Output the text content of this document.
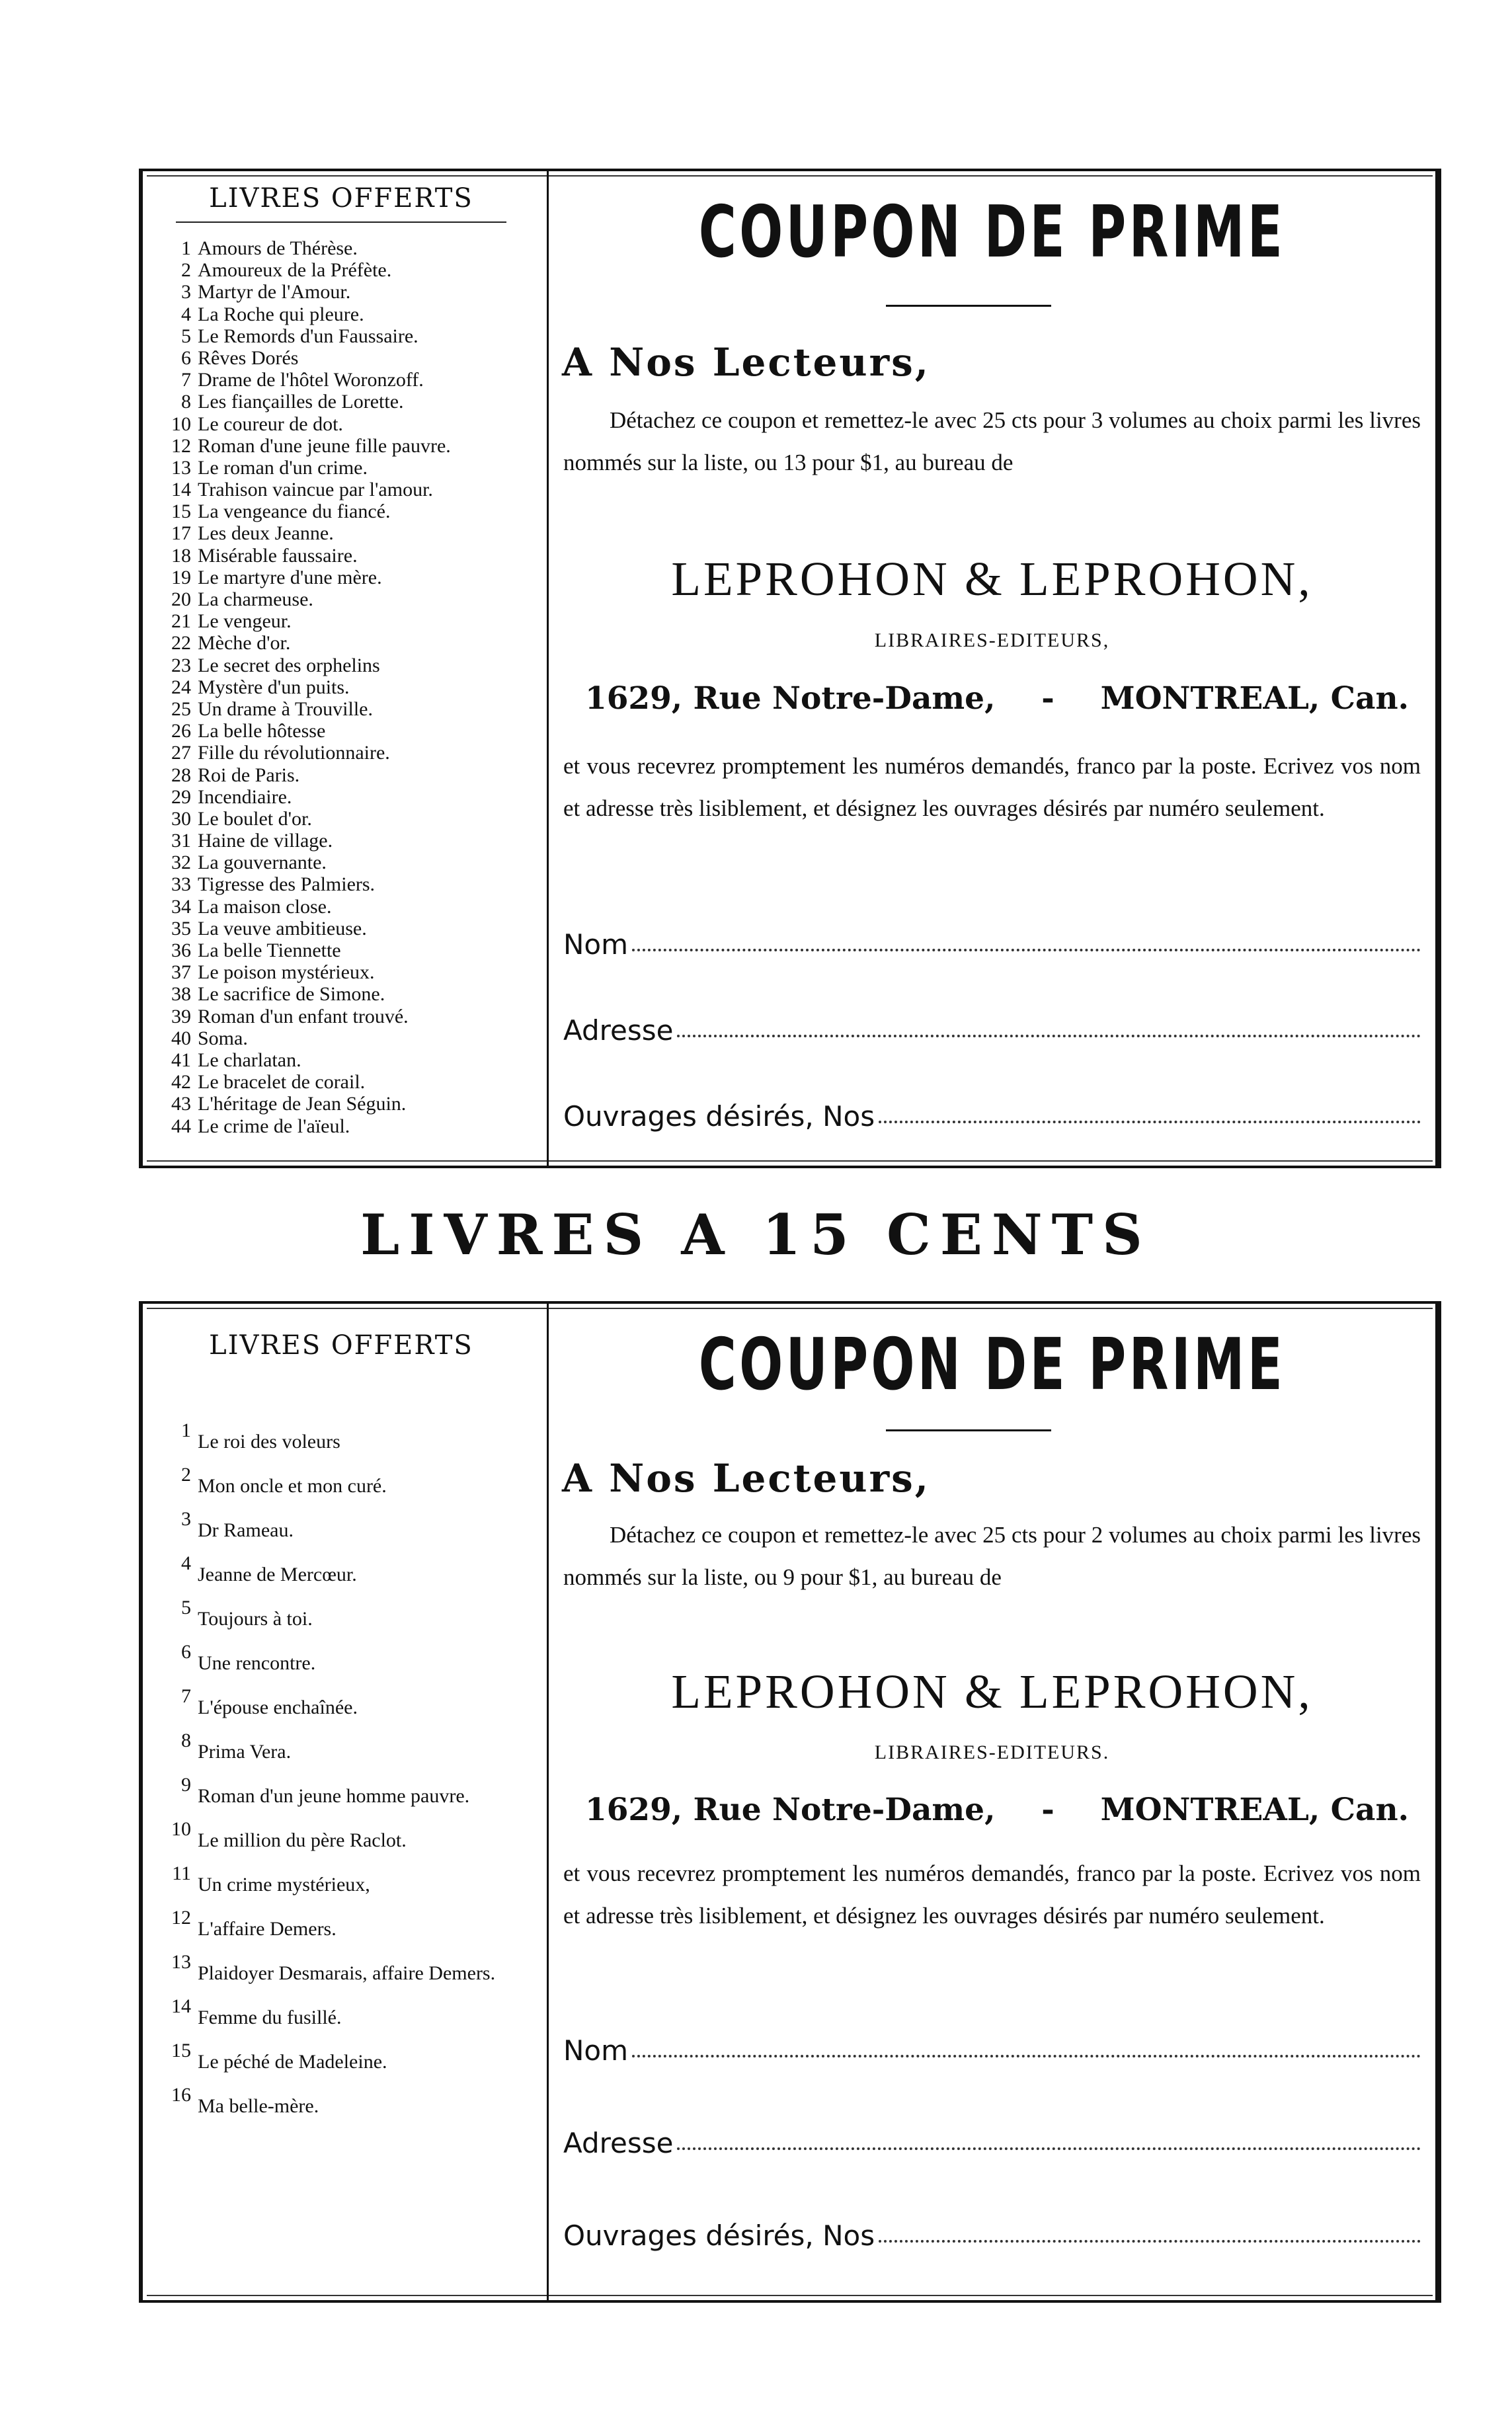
LIVRES OFFERTS
1 Amours de Thérèse.
2 Amoureux de la Préfète.
3 Martyr de l'Amour.
4 La Roche qui pleure.
5 Le Remords d'un Faussaire.
6 Rêves Dorés
7 Drame de l'hôtel Woronzoff.
8 Les fiançailles de Lorette.
10 Le coureur de dot.
12 Roman d'une jeune fille pauvre.
13 Le roman d'un crime.
14 Trahison vaincue par l'amour.
15 La vengeance du fiancé.
17 Les deux Jeanne.
18 Misérable faussaire.
19 Le martyre d'une mère.
20 La charmeuse.
21 Le vengeur.
22 Mèche d'or.
23 Le secret des orphelins
24 Mystère d'un puits.
25 Un drame à Trouville.
26 La belle hôtesse
27 Fille du révolutionnaire.
28 Roi de Paris.
29 Incendiaire.
30 Le boulet d'or.
31 Haine de village.
32 La gouvernante.
33 Tigresse des Palmiers.
34 La maison close.
35 La veuve ambitieuse.
36 La belle Tiennette
37 Le poison mystérieux.
38 Le sacrifice de Simone.
39 Roman d'un enfant trouvé.
40 Soma.
41 Le charlatan.
42 Le bracelet de corail.
43 L'héritage de Jean Séguin.
44 Le crime de l'aïeul.
COUPON DE PRIME
A Nos Lecteurs,

Détachez ce coupon et remettez-le avec 25 cts pour 3 volumes au choix parmi les livres nommés sur la liste, ou 13 pour $1, au bureau de

LEPROHON & LEPROHON,
LIBRAIRES-EDITEURS,
1629, Rue Notre-Dame, - MONTREAL, Can.

et vous recevrez promptement les numéros demandés, franco par la poste. Ecrivez vos nom et adresse très lisiblement, et désignez les ouvrages désirés par numéro seulement.

Nom
Adresse
Ouvrages désirés, Nos
LIVRES A 15 CENTS
LIVRES OFFERTS
1 Le roi des voleurs
2 Mon oncle et mon curé.
3 Dr Rameau.
4 Jeanne de Mercœur.
5 Toujours à toi.
6 Une rencontre.
7 L'épouse enchaînée.
8 Prima Vera.
9 Roman d'un jeune homme pauvre.
10 Le million du père Raclot.
11 Un crime mystérieux,
12 L'affaire Demers.
13 Plaidoyer Desmarais, affaire Demers.
14 Femme du fusillé.
15 Le péché de Madeleine.
16 Ma belle-mère.
COUPON DE PRIME
A Nos Lecteurs,

Détachez ce coupon et remettez-le avec 25 cts pour 2 volumes au choix parmi les livres nommés sur la liste, ou 9 pour $1, au bureau de

LEPROHON & LEPROHON,
LIBRAIRES-EDITEURS.
1629, Rue Notre-Dame, - MONTREAL, Can.

et vous recevrez promptement les numéros demandés, franco par la poste. Ecrivez vos nom et adresse très lisiblement, et désignez les ouvrages désirés par numéro seulement.

Nom
Adresse
Ouvrages désirés, Nos
